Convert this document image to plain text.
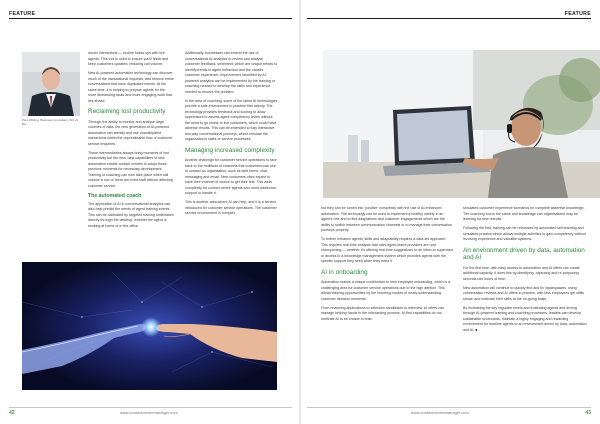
FEATURE
Paul Wilding, Business Consultant, Wiz-AI Bio

doctor interactions — routine follow ups with live agents. This tool is used to ensure you'll finish and keep customers updated, reducing call volume.

New AI-powered automation technology can discover much of the transactional requests, and remove entire conversations that have duplicated intents. At the same time, it is helping to prepare agents for the more demanding tasks and more engaging work that lies ahead.

Reclaiming lost productivity

Through the ability to monitor and analyse large volumes of data, the new generation of AI-powered automation can identify and use unanticipated interactions within the unpredictable flow of customer service enquiries.

These intermediaries always bring moments of lost productivity but the new, best capabilities of new automation enable contact centres to adopt those previous moments for necessary development. Training or coaching can now take place when call volume is low or there are extra staff without affecting customer service.

The automated coach

The application of AI in conversational analytics can also help predict the needs of agent training events. This can be calibrated by targeted training undertaken directly through the desktop, whether the agent is working at home or in the office.

Additionally, businesses can extend the use of conversational AI analytics to review and analyse customer feedback, sentiment, which are unique trends to identify trends in agent behaviour and the causes customer experience. Improvement identified by AI-powered analytics can be implemented by the training or coaching needed to develop the skills and experience needed to resolve the problem.

In the area of coaching, some of the latest AI technologies provide a safe environment to practise first activity. The technology provides feedback and scoring to allow supervisors to assess agent competency levels without the need to go online or live customers, which could have adverse results. This can be extended to fully interactive two-way conversational journeys, which emulate the organisation's sales or service processes.

Managing increased complexity

Another challenge for customer service operations to face back to the multitude of channels that customers can use to contact an organisation, such as web forms, chat, messaging and email. New customers often expect to have their channel of choice to get their first. This adds complexity for contact centre agents who need additional support to handle it.

This is another area where AI can help, and it is a service introduced for customer service operations. The customer service environment is complex

42	www.contactcentremanager.com
FEATURE

but they can be turned into 'positive' complexity with the use of AI-enhanced automation. The technology can be used to implement a healthy variety in an agent's role and to find adaptations and customer engagements which are the ability to switch between communication channels or to manage their conversation journeys properly.

To further enhance agents' skills and adaptability requires a data-led approach. This requires real-time analysis that uses agent-learnt providers are now championing — whether it's offering real-time suggestions to an inbox or supervisor or access to a knowledge management system which provides agents with the specific support they need when they need it.

AI in onboarding

Automation makes a unique contribution to new employee onboarding, which is a challenging area for customer service operations due to the high attrition. This allows training opportunities by the recurring modes of newly understanding customer decision moments.

From reviewing applications to selection candidates to interview, AI offers can manage helping hands in the onboarding process. AI-first capabilities do not motivate AI to be chosen to train

simulated customer experience scenarios for complete assertive knowledge. The coaching tool is the same and knowledge can organisations may be learning for new recruits.

Following the first, training can be refocused by automated self-learning and simulated practice which allows multiple activities to gain competency without involving experience and valuable systems.

An environment driven by data, automation and AI

For the first time, with easy access to automation and AI offers can create additional capacity. It does this by identifying, capturing and re-purposing seconds into hours of time.

New automation will continue to quickly find and fix inadequacies, using conversation reviews and AI offers in practice, with less employees get skills shown and motivate their skills at the on-going basis.

By increasing the key regulator levels and frustrating agents and driving through AI-powered training and coaching processes, leaders can develop sustainable scorecards, maintain a highly engaging and rewarding environment for frontline agents to an environment driven by data, automation and AI. ■

www.contactcentremanager.com	43
